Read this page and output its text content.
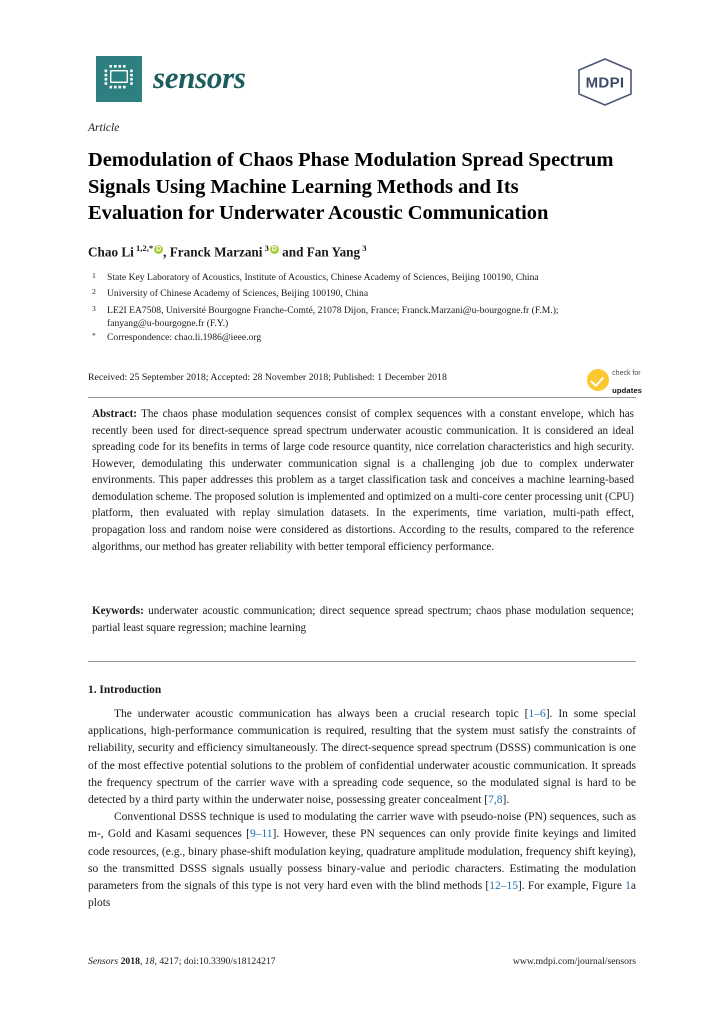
sensors	MDPI
Article
Demodulation of Chaos Phase Modulation Spread Spectrum Signals Using Machine Learning Methods and Its Evaluation for Underwater Acoustic Communication
Chao Li $^{1,2,*}$ D , Franck Marzani $^3$D and Fan Yang $^3$
$^1$	State Key Laboratory of Acoustics, Institute of Acoustics, Chinese Academy of Sciences, Beijing 100190, China
$^2$	University of Chinese Academy of Sciences, Beijing 100190, China
$^3$	LE2I EA7508, Université Bourgogne Franche-Comté, 21078 Dijon, France; Franck.Marzani@u-bourgogne.fr (F.M.); fanyang@u-bourgogne.fr (F.Y.)
*	Correspondence: chao.li.1986@ieee.org
Received: 25 September 2018; Accepted: 28 November 2018; Published: 1 December 2018	check for
updates
Abstract: The chaos phase modulation sequences consist of complex sequences with a constant envelope, which has recently been used for direct-sequence spread spectrum underwater acoustic communication. It is considered an ideal spreading code for its benefits in terms of large code resource quantity, nice correlation characteristics and high security. However, demodulating this underwater communication signal is a challenging job due to complex underwater environments. This paper addresses this problem as a target classification task and conceives a machine learning-based demodulation scheme. The proposed solution is implemented and optimized on a multi-core center processing unit (CPU) platform, then evaluated with replay simulation datasets. In the experiments, time variation, multi-path effect, propagation loss and random noise were considered as distortions. According to the results, compared to the reference algorithms, our method has greater reliability with better temporal efficiency performance.
Keywords: underwater acoustic communication; direct sequence spread spectrum; chaos phase modulation sequence; partial least square regression; machine learning
1. Introduction

The underwater acoustic communication has always been a crucial research topic [1–6]. In some special applications, high-performance communication is required, resulting that the system must satisfy the constraints of reliability, security and efficiency simultaneously. The direct-sequence spread spectrum (DSSS) communication is one of the most effective potential solutions to the problem of confidential underwater acoustic communication. It spreads the frequency spectrum of the carrier wave with a spreading code sequence, so the modulated signal is hard to be detected by a third party within the underwater noise, possessing greater concealment [7,8].

Conventional DSSS technique is used to modulating the carrier wave with pseudo-noise (PN) sequences, such as m-, Gold and Kasami sequences [9–11]. However, these PN sequences can only provide finite keyings and limited code resources, (e.g., binary phase-shift modulation keying, quadrature amplitude modulation, frequency shift keying), so the transmitted DSSS signals usually possess binary-value and periodic characters. Estimating the modulation parameters from the signals of this type is not very hard even with the blind methods [12–15]. For example, Figure 1a plots

Sensors 2018, 18, 4217; doi:10.3390/s18124217	www.mdpi.com/journal/sensors
